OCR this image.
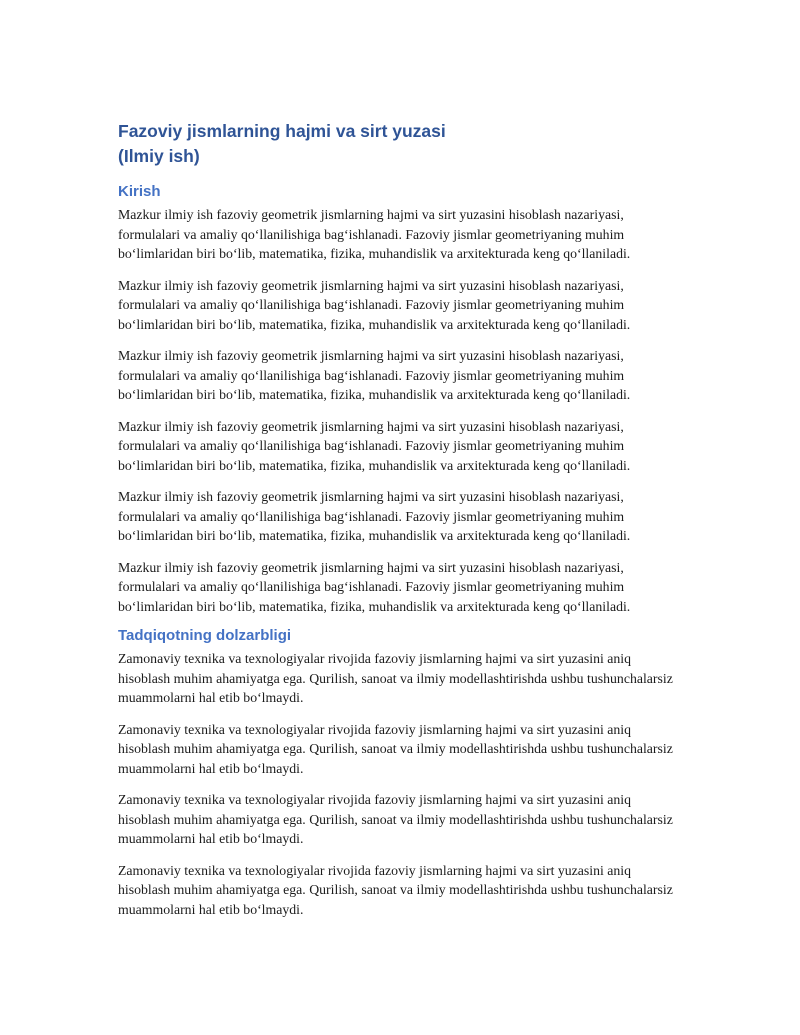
Fazoviy jismlarning hajmi va sirt yuzasi
(Ilmiy ish)
Kirish

Mazkur ilmiy ish fazoviy geometrik jismlarning hajmi va sirt yuzasini hisoblash nazariyasi, formulalari va amaliy qoʻllanilishiga bagʻishlanadi. Fazoviy jismlar geometriyaning muhim boʻlimlaridan biri boʻlib, matematika, fizika, muhandislik va arxitekturada keng qoʻllaniladi.

Mazkur ilmiy ish fazoviy geometrik jismlarning hajmi va sirt yuzasini hisoblash nazariyasi, formulalari va amaliy qoʻllanilishiga bagʻishlanadi. Fazoviy jismlar geometriyaning muhim boʻlimlaridan biri boʻlib, matematika, fizika, muhandislik va arxitekturada keng qoʻllaniladi.

Mazkur ilmiy ish fazoviy geometrik jismlarning hajmi va sirt yuzasini hisoblash nazariyasi, formulalari va amaliy qoʻllanilishiga bagʻishlanadi. Fazoviy jismlar geometriyaning muhim boʻlimlaridan biri boʻlib, matematika, fizika, muhandislik va arxitekturada keng qoʻllaniladi.

Mazkur ilmiy ish fazoviy geometrik jismlarning hajmi va sirt yuzasini hisoblash nazariyasi, formulalari va amaliy qoʻllanilishiga bagʻishlanadi. Fazoviy jismlar geometriyaning muhim boʻlimlaridan biri boʻlib, matematika, fizika, muhandislik va arxitekturada keng qoʻllaniladi.

Mazkur ilmiy ish fazoviy geometrik jismlarning hajmi va sirt yuzasini hisoblash nazariyasi, formulalari va amaliy qoʻllanilishiga bagʻishlanadi. Fazoviy jismlar geometriyaning muhim boʻlimlaridan biri boʻlib, matematika, fizika, muhandislik va arxitekturada keng qoʻllaniladi.

Mazkur ilmiy ish fazoviy geometrik jismlarning hajmi va sirt yuzasini hisoblash nazariyasi, formulalari va amaliy qoʻllanilishiga bagʻishlanadi. Fazoviy jismlar geometriyaning muhim boʻlimlaridan biri boʻlib, matematika, fizika, muhandislik va arxitekturada keng qoʻllaniladi.

Tadqiqotning dolzarbligi

Zamonaviy texnika va texnologiyalar rivojida fazoviy jismlarning hajmi va sirt yuzasini aniq hisoblash muhim ahamiyatga ega. Qurilish, sanoat va ilmiy modellashtirishda ushbu tushunchalarsiz muammolarni hal etib boʻlmaydi.

Zamonaviy texnika va texnologiyalar rivojida fazoviy jismlarning hajmi va sirt yuzasini aniq hisoblash muhim ahamiyatga ega. Qurilish, sanoat va ilmiy modellashtirishda ushbu tushunchalarsiz muammolarni hal etib boʻlmaydi.

Zamonaviy texnika va texnologiyalar rivojida fazoviy jismlarning hajmi va sirt yuzasini aniq hisoblash muhim ahamiyatga ega. Qurilish, sanoat va ilmiy modellashtirishda ushbu tushunchalarsiz muammolarni hal etib boʻlmaydi.

Zamonaviy texnika va texnologiyalar rivojida fazoviy jismlarning hajmi va sirt yuzasini aniq hisoblash muhim ahamiyatga ega. Qurilish, sanoat va ilmiy modellashtirishda ushbu tushunchalarsiz muammolarni hal etib boʻlmaydi.
